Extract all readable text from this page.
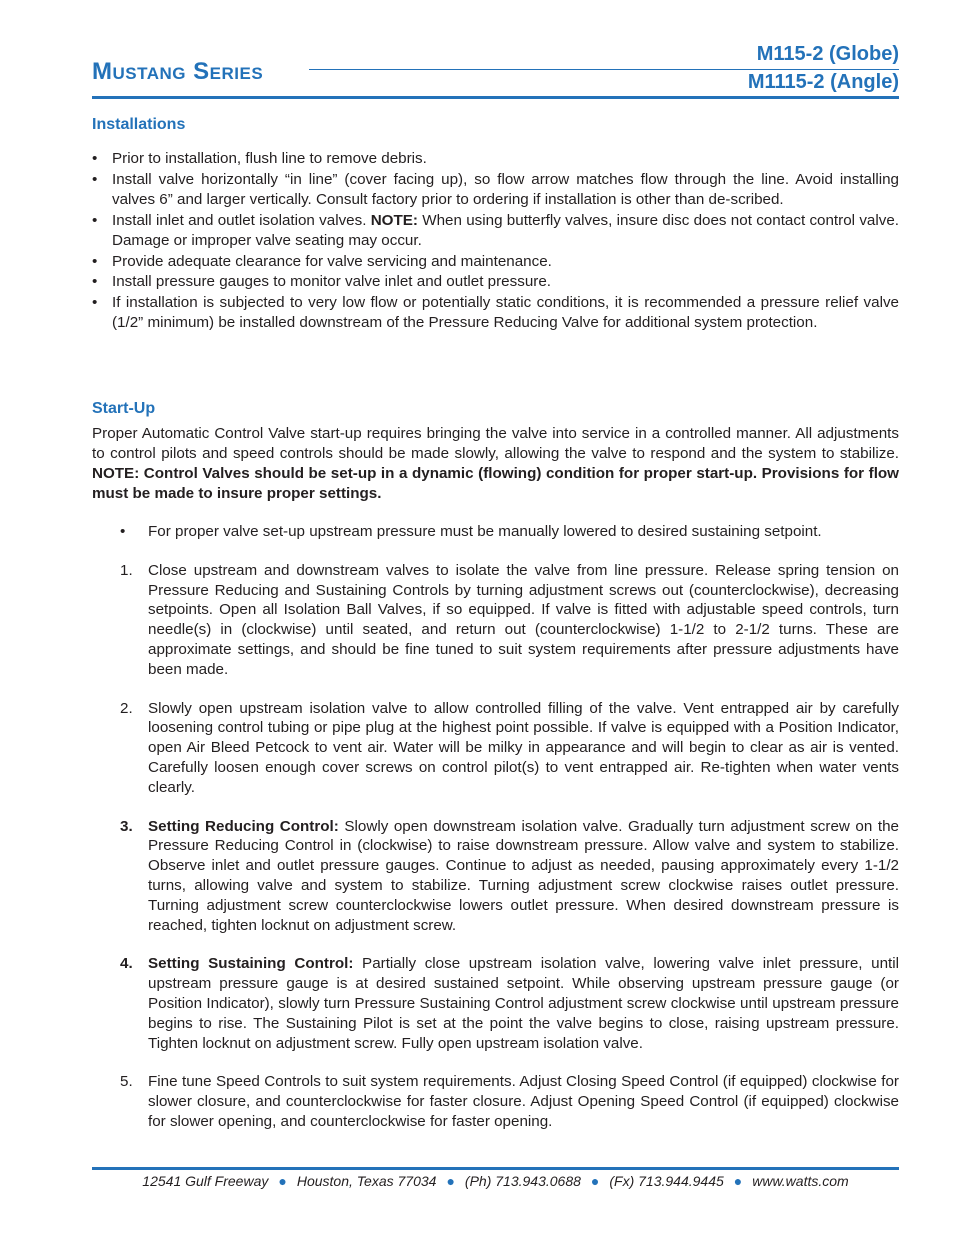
Mustang Series
M115-2 (Globe)
M1115-2 (Angle)
Installations
• Prior to installation, flush line to remove debris.
• Install valve horizontally “in line” (cover facing up), so flow arrow matches flow through the line. Avoid installing valves 6” and larger vertically. Consult factory prior to ordering if installation is other than de-scribed.
• Install inlet and outlet isolation valves. NOTE: When using butterfly valves, insure disc does not contact control valve. Damage or improper valve seating may occur.
• Provide adequate clearance for valve servicing and maintenance.
• Install pressure gauges to monitor valve inlet and outlet pressure.
• If installation is subjected to very low flow or potentially static conditions, it is recommended a pressure relief valve (1/2” minimum) be installed downstream of the Pressure Reducing Valve for additional system protection.
Start-Up

Proper Automatic Control Valve start-up requires bringing the valve into service in a controlled manner. All adjustments to control pilots and speed controls should be made slowly, allowing the valve to respond and the system to stabilize. NOTE: Control Valves should be set-up in a dynamic (flowing) condition for proper start-up. Provisions for flow must be made to insure proper settings.

• For proper valve set-up upstream pressure must be manually lowered to desired sustaining setpoint.
1. Close upstream and downstream valves to isolate the valve from line pressure. Release spring tension on Pressure Reducing and Sustaining Controls by turning adjustment screws out (counterclockwise), decreasing setpoints. Open all Isolation Ball Valves, if so equipped. If valve is fitted with adjustable speed controls, turn needle(s) in (clockwise) until seated, and return out (counterclockwise) 1-1/2 to 2-1/2 turns. These are approximate settings, and should be fine tuned to suit system requirements after pressure adjustments have been made.
2. Slowly open upstream isolation valve to allow controlled filling of the valve. Vent entrapped air by carefully loosening control tubing or pipe plug at the highest point possible. If valve is equipped with a Position Indicator, open Air Bleed Petcock to vent air. Water will be milky in appearance and will begin to clear as air is vented. Carefully loosen enough cover screws on control pilot(s) to vent entrapped air. Re-tighten when water vents clearly.
3. Setting Reducing Control: Slowly open downstream isolation valve. Gradually turn adjustment screw on the Pressure Reducing Control in (clockwise) to raise downstream pressure. Allow valve and system to stabilize. Observe inlet and outlet pressure gauges. Continue to adjust as needed, pausing approximately every 1-1/2 turns, allowing valve and system to stabilize. Turning adjustment screw clockwise raises outlet pressure. Turning adjustment screw counterclockwise lowers outlet pressure. When desired downstream pressure is reached, tighten locknut on adjustment screw.
4. Setting Sustaining Control: Partially close upstream isolation valve, lowering valve inlet pressure, until upstream pressure gauge is at desired sustained setpoint. While observing upstream pressure gauge (or Position Indicator), slowly turn Pressure Sustaining Control adjustment screw clockwise until upstream pressure begins to rise. The Sustaining Pilot is set at the point the valve begins to close, raising upstream pressure. Tighten locknut on adjustment screw. Fully open upstream isolation valve.
5. Fine tune Speed Controls to suit system requirements. Adjust Closing Speed Control (if equipped) clockwise for slower closure, and counterclockwise for faster closure. Adjust Opening Speed Control (if equipped) clockwise for slower opening, and counterclockwise for faster opening.
12541 Gulf Freeway ● Houston, Texas 77034 ● (Ph) 713.943.0688 ● (Fx) 713.944.9445 ● www.watts.com
